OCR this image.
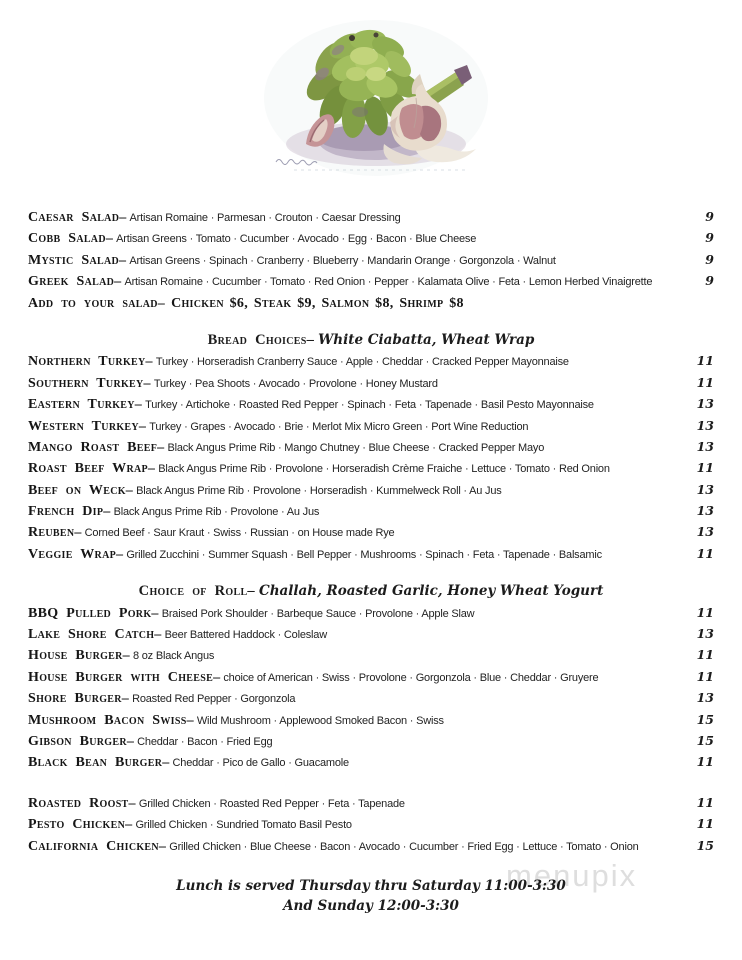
menupix
Caesar Salad– Artisan Romaine · Parmesan · Crouton · Caesar Dressing	9
Cobb Salad– Artisan Greens · Tomato · Cucumber · Avocado · Egg · Bacon · Blue Cheese	9
Mystic Salad– Artisan Greens · Spinach · Cranberry · Blueberry · Mandarin Orange · Gorgonzola · Walnut	9
Greek Salad– Artisan Romaine · Cucumber · Tomato · Red Onion · Pepper · Kalamata Olive · Feta · Lemon Herbed Vinaigrette	9
Add to your salad– Chicken $6, Steak $9, Salmon $8, Shrimp $8
Bread Choices– White Ciabatta, Wheat Wrap
Northern Turkey– Turkey · Horseradish Cranberry Sauce · Apple · Cheddar · Cracked Pepper Mayonnaise	11
Southern Turkey– Turkey · Pea Shoots · Avocado · Provolone · Honey Mustard	11
Eastern Turkey– Turkey · Artichoke · Roasted Red Pepper · Spinach · Feta · Tapenade · Basil Pesto Mayonnaise	13
Western Turkey– Turkey · Grapes · Avocado · Brie · Merlot Mix Micro Green · Port Wine Reduction	13
Mango Roast Beef– Black Angus Prime Rib · Mango Chutney · Blue Cheese · Cracked Pepper Mayo	13
Roast Beef Wrap– Black Angus Prime Rib · Provolone · Horseradish Crème Fraiche · Lettuce · Tomato · Red Onion	11
Beef on Weck– Black Angus Prime Rib · Provolone · Horseradish · Kummelweck Roll · Au Jus	13
French Dip– Black Angus Prime Rib · Provolone · Au Jus	13
Reuben– Corned Beef · Saur Kraut · Swiss · Russian · on House made Rye	13
Veggie Wrap– Grilled Zucchini · Summer Squash · Bell Pepper · Mushrooms · Spinach · Feta · Tapenade · Balsamic	11
Choice of Roll– Challah, Roasted Garlic, Honey Wheat Yogurt
BBQ Pulled Pork– Braised Pork Shoulder · Barbeque Sauce · Provolone · Apple Slaw	11
Lake Shore Catch– Beer Battered Haddock · Coleslaw	13
House Burger– 8 oz Black Angus	11
House Burger with Cheese– choice of American · Swiss · Provolone · Gorgonzola · Blue · Cheddar · Gruyere	11
Shore Burger– Roasted Red Pepper · Gorgonzola	13
Mushroom Bacon Swiss– Wild Mushroom · Applewood Smoked Bacon · Swiss	15
Gibson Burger– Cheddar · Bacon · Fried Egg	15
Black Bean Burger– Cheddar · Pico de Gallo · Guacamole	11
Roasted Roost– Grilled Chicken · Roasted Red Pepper · Feta · Tapenade	11
Pesto Chicken– Grilled Chicken · Sundried Tomato Basil Pesto	11
California Chicken– Grilled Chicken · Blue Cheese · Bacon · Avocado · Cucumber · Fried Egg · Lettuce · Tomato · Onion	15
Lunch is served Thursday thru Saturday 11:00-3:30
And Sunday 12:00-3:30
